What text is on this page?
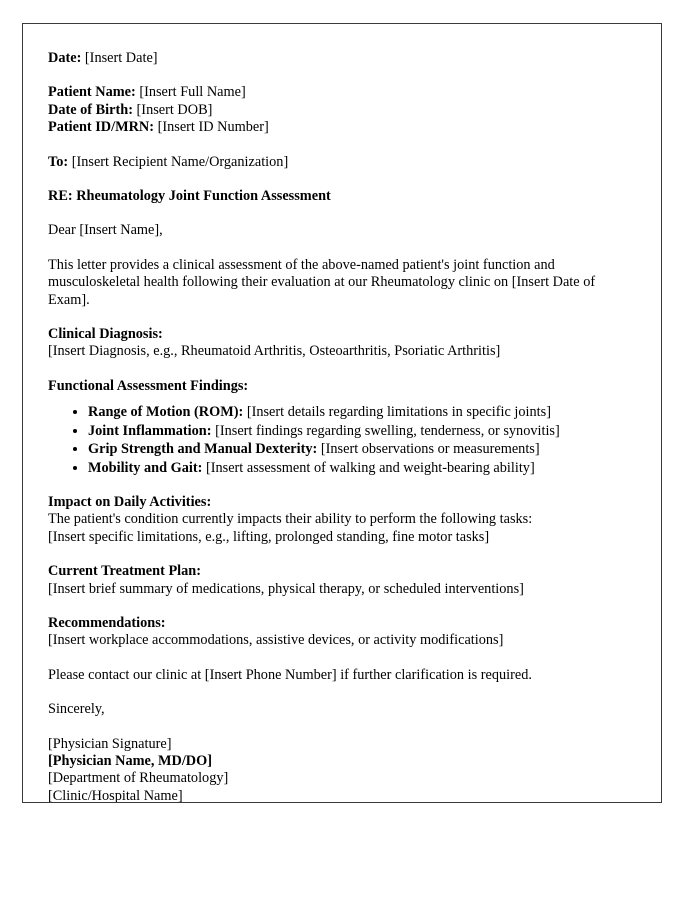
Date: [Insert Date]
Patient Name: [Insert Full Name]
Date of Birth: [Insert DOB]
Patient ID/MRN: [Insert ID Number]
To: [Insert Recipient Name/Organization]
RE: Rheumatology Joint Function Assessment
Dear [Insert Name],

This letter provides a clinical assessment of the above-named patient's joint function and musculoskeletal health following their evaluation at our Rheumatology clinic on [Insert Date of Exam].

Clinical Diagnosis:
[Insert Diagnosis, e.g., Rheumatoid Arthritis, Osteoarthritis, Psoriatic Arthritis]
Functional Assessment Findings:
• Range of Motion (ROM): [Insert details regarding limitations in specific joints]
• Joint Inflammation: [Insert findings regarding swelling, tenderness, or synovitis]
• Grip Strength and Manual Dexterity: [Insert observations or measurements]
• Mobility and Gait: [Insert assessment of walking and weight-bearing ability]
Impact on Daily Activities:
The patient's condition currently impacts their ability to perform the following tasks:
[Insert specific limitations, e.g., lifting, prolonged standing, fine motor tasks]
Current Treatment Plan:
[Insert brief summary of medications, physical therapy, or scheduled interventions]
Recommendations:
[Insert workplace accommodations, assistive devices, or activity modifications]
Please contact our clinic at [Insert Phone Number] if further clarification is required.
Sincerely,
[Physician Signature]
[Physician Name, MD/DO]
[Department of Rheumatology]
[Clinic/Hospital Name]
